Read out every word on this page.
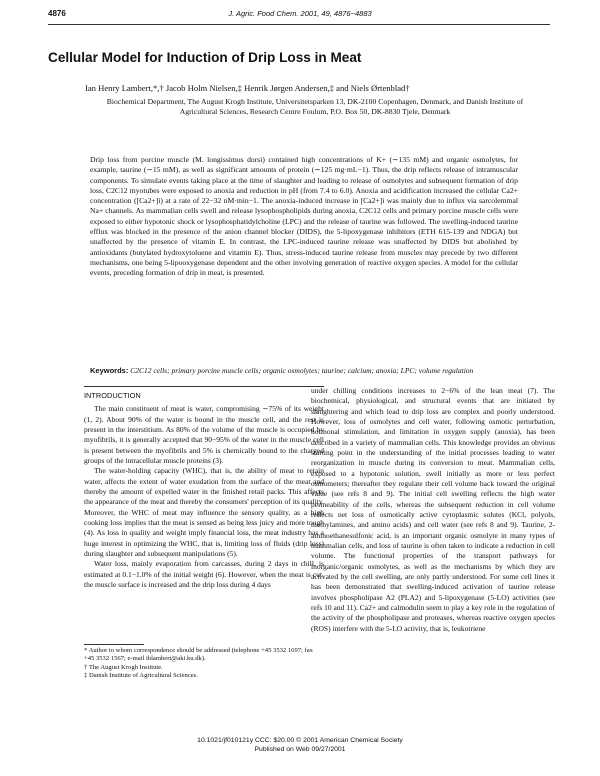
4876	J. Agric. Food Chem. 2001, 49, 4876−4883
Cellular Model for Induction of Drip Loss in Meat
Ian Henry Lambert,*,† Jacob Holm Nielsen,‡ Henrik Jørgen Andersen,‡ and Niels Ørtenblad†
Biochemical Department, The August Krogh Institute, Universitetsparken 13, DK-2100 Copenhagen, Denmark, and Danish Institute of Agricultural Sciences, Research Centre Foulum, P.O. Box 50, DK-8830 Tjele, Denmark
Drip loss from porcine muscle (M. longissimus dorsi) contained high concentrations of K+ (∼135 mM) and organic osmolytes, for example, taurine (∼15 mM), as well as significant amounts of protein (∼125 mg·mL−1). Thus, the drip reflects release of intramuscular components. To simulate events taking place at the time of slaughter and leading to release of osmolytes and subsequent formation of drip loss, C2C12 myotubes were exposed to anoxia and reduction in pH (from 7.4 to 6.0). Anoxia and acidification increased the cellular Ca2+ concentration ([Ca2+]i) at a rate of 22−32 nM·min−1. The anoxia-induced increase in [Ca2+]i was mainly due to influx via sarcolemmal Na+ channels. As mammalian cells swell and release lysophospholipids during anoxia, C2C12 cells and primary porcine muscle cells were exposed to either hypotonic shock or lysophosphatidylcholine (LPC) and the release of taurine was followed. The swelling-induced taurine efflux was blocked in the presence of the anion channel blocker (DIDS), the 5-lipoxygenase inhibitors (ETH 615-139 and NDGA) but unaffected by the presence of vitamin E. In contrast, the LPC-induced taurine release was unaffected by DIDS but abolished by antioxidants (butylated hydroxytoluene and vitamin E). Thus, stress-induced taurine release from muscles may precede by two different mechanisms, one being 5-lipooxygenase dependent and the other involving generation of reactive oxygen species. A model for the cellular events, preceding formation of drip in meat, is presented.
Keywords: C2C12 cells; primary porcine muscle cells; organic osmolytes; taurine; calcium; anoxia; LPC; volume regulation
INTRODUCTION

The main constituent of meat is water, compromising ∼75% of its weight (1, 2). About 90% of the water is bound in the muscle cell, and the rest is present in the interstitium. As 80% of the volume of the muscle is occupied by myofibrils, it is generally accepted that 90−95% of the water in the muscle cell is present between the myofibrils and 5% is chemically bound to the charged groups of the intracellular muscle proteins (3).

The water-holding capacity (WHC), that is, the ability of meat to retain water, affects the extent of water exudation from the surface of the meat and thereby the amount of expelled water in the finished retail packs. This affects the appearance of the meat and thereby the consumers' perception of its quality. Moreover, the WHC of meat may influence the sensory quality, as a high cooking loss implies that the meat is sensed as being less juicy and more tough (4). As loss in quality and weight imply financial loss, the meat industry has a huge interest in optimizing the WHC, that is, limiting loss of fluids (drip loss) during slaughter and subsequent manipulations (5).

Water loss, mainly evaporation from carcasses, during 2 days in chill, is estimated at 0.1−1.0% of the initial weight (6). However, when the meat is cut, the muscle surface is increased and the drip loss during 4 days

under chilling conditions increases to 2−6% of the lean meat (7). The biochemical, physiological, and structural events that are initiated by slaughtering and which lead to drip loss are complex and poorly understood. However, loss of osmolytes and cell water, following osmotic perturbation, hormonal stimulation, and limitation in oxygen supply (anoxia), has been described in a variety of mammalian cells. This knowledge provides an obvious starting point in the understanding of the initial processes leading to water reorganization in muscle during its conversion to meat. Mammalian cells, exposed to a hypotonic solution, swell initially as more or less perfect osmometers; thereafter they regulate their cell volume back toward the original value (see refs 8 and 9). The initial cell swelling reflects the high water permeability of the cells, whereas the subsequent reduction in cell volume reflects net loss of osmotically active cytoplasmic solutes (KCl, polyols, methylamines, and amino acids) and cell water (see refs 8 and 9). Taurine, 2-aminoethanesulfonic acid, is an important organic osmolyte in many types of mammalian cells, and loss of taurine is often taken to indicate a reduction in cell volume. The functional properties of the transport pathways for inorganic/organic osmolytes, as well as the mechanisms by which they are activated by the cell swelling, are only partly understood. For some cell lines it has been demonstrated that swelling-induced activation of taurine release involves phospholipase A2 (PLA2) and 5-lipoxygenase (5-LO) activities (see refs 10 and 11). Ca2+ and calmodulin seem to play a key role in the regulation of the activity of the phospholipase and proteases, whereas reactive oxygen species (ROS) interfere with the 5-LO activity, that is, leukotriene

* Author to whom correspondence should be addressed (telephone +45 3532 1697; fax +45 3532 1567; e-mail ihlambert@aki.ku.dk).
† The August Krogh Institute.
‡ Danish Institute of Agricultural Sciences.
10.1021/jf010121y CCC: $20.00 © 2001 American Chemical Society
Published on Web 09/27/2001
